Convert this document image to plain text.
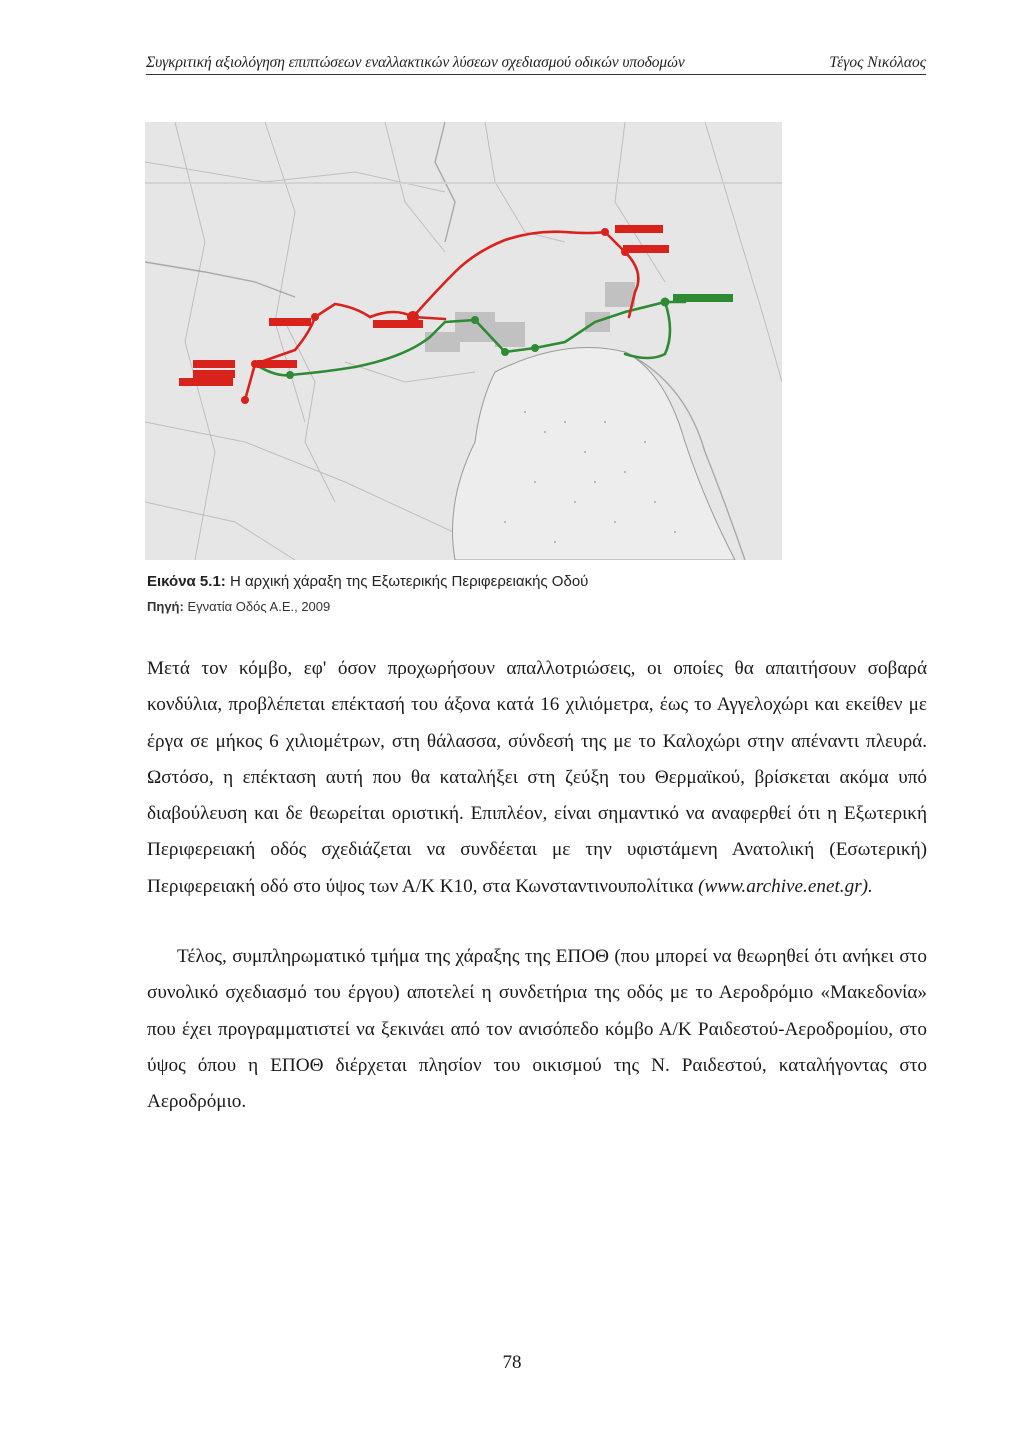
Συγκριτική αξιολόγηση επιπτώσεων εναλλακτικών λύσεων σχεδιασμού οδικών υποδομών	Τέγος Νικόλαος
Εικόνα 5.1: Η αρχική χάραξη της Εξωτερικής Περιφερειακής Οδού
Πηγή: Εγνατία Οδός Α.Ε., 2009
Μετά τον κόμβο, εφ' όσον προχωρήσουν απαλλοτριώσεις, οι οποίες θα απαιτήσουν σοβαρά κονδύλια, προβλέπεται επέκτασή του άξονα κατά 16 χιλιόμετρα, έως το Αγγελοχώρι και εκείθεν με έργα σε μήκος 6 χιλιομέτρων, στη θάλασσα, σύνδεσή της με το Καλοχώρι στην απέναντι πλευρά. Ωστόσο, η επέκταση αυτή που θα καταλήξει στη ζεύξη του Θερμαϊκού, βρίσκεται ακόμα υπό διαβούλευση και δε θεωρείται οριστική. Επιπλέον, είναι σημαντικό να αναφερθεί ότι η Εξωτερική Περιφερειακή οδός σχεδιάζεται να συνδέεται με την υφιστάμενη Ανατολική (Εσωτερική) Περιφερειακή οδό στο ύψος των Α/Κ Κ10, στα Κωνσταντινουπολίτικα (www.archive.enet.gr).
Τέλος, συμπληρωματικό τμήμα της χάραξης της ΕΠΟΘ (που μπορεί να θεωρηθεί ότι ανήκει στο συνολικό σχεδιασμό του έργου) αποτελεί η συνδετήρια της οδός με το Αεροδρόμιο «Μακεδονία» που έχει προγραμματιστεί να ξεκινάει από τον ανισόπεδο κόμβο Α/Κ Ραιδεστού-Αεροδρομίου, στο ύψος όπου η ΕΠΟΘ διέρχεται πλησίον του οικισμού της Ν. Ραιδεστού, καταλήγοντας στο Αεροδρόμιο.
78
